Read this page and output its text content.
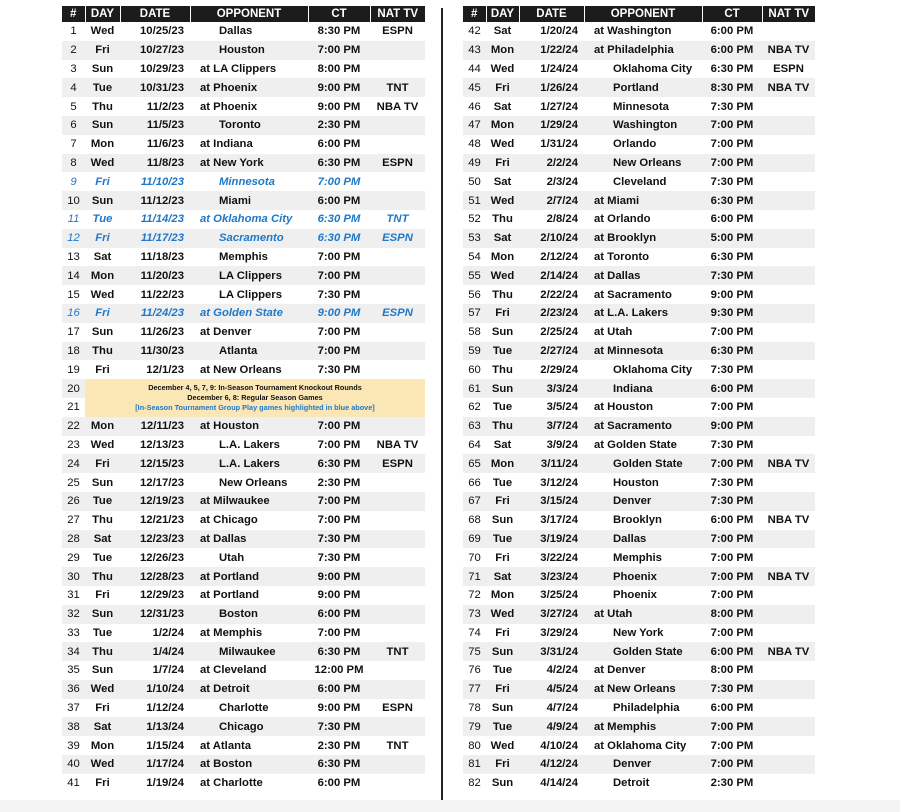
#	DAY	DATE	OPPONENT	CT	NAT TV
1	Wed	10/25/23	Dallas	8:30 PM	ESPN
2	Fri	10/27/23	Houston	7:00 PM	
3	Sun	10/29/23	at LA Clippers	8:00 PM	
4	Tue	10/31/23	at Phoenix	9:00 PM	TNT
5	Thu	11/2/23	at Phoenix	9:00 PM	NBA TV
6	Sun	11/5/23	Toronto	2:30 PM	
7	Mon	11/6/23	at Indiana	6:00 PM	
8	Wed	11/8/23	at New York	6:30 PM	ESPN
9	Fri	11/10/23	Minnesota	7:00 PM	
10	Sun	11/12/23	Miami	6:00 PM	
11	Tue	11/14/23	at Oklahoma City	6:30 PM	TNT
12	Fri	11/17/23	Sacramento	6:30 PM	ESPN
13	Sat	11/18/23	Memphis	7:00 PM	
14	Mon	11/20/23	LA Clippers	7:00 PM	
15	Wed	11/22/23	LA Clippers	7:30 PM	
16	Fri	11/24/23	at Golden State	9:00 PM	ESPN
17	Sun	11/26/23	at Denver	7:00 PM	
18	Thu	11/30/23	Atlanta	7:00 PM	
19	Fri	12/1/23	at New Orleans	7:30 PM	
20	December 4, 5, 7, 9: In-Season Tournament Knockout Rounds
December 6, 8: Regular Season Games
[In-Season Tournament Group Play games highlighted in blue above]				

21					
22	Mon	12/11/23	at Houston	7:00 PM	
23	Wed	12/13/23	L.A. Lakers	7:00 PM	NBA TV
24	Fri	12/15/23	L.A. Lakers	6:30 PM	ESPN
25	Sun	12/17/23	New Orleans	2:30 PM	
26	Tue	12/19/23	at Milwaukee	7:00 PM	
27	Thu	12/21/23	at Chicago	7:00 PM	
28	Sat	12/23/23	at Dallas	7:30 PM	
29	Tue	12/26/23	Utah	7:30 PM	
30	Thu	12/28/23	at Portland	9:00 PM	
31	Fri	12/29/23	at Portland	9:00 PM	
32	Sun	12/31/23	Boston	6:00 PM	
33	Tue	1/2/24	at Memphis	7:00 PM	
34	Thu	1/4/24	Milwaukee	6:30 PM	TNT
35	Sun	1/7/24	at Cleveland	12:00 PM	
36	Wed	1/10/24	at Detroit	6:00 PM	
37	Fri	1/12/24	Charlotte	9:00 PM	ESPN
38	Sat	1/13/24	Chicago	7:30 PM	
39	Mon	1/15/24	at Atlanta	2:30 PM	TNT
40	Wed	1/17/24	at Boston	6:30 PM	
41	Fri	1/19/24	at Charlotte	6:00 PM	
#	DAY	DATE	OPPONENT	CT	NAT TV
42	Sat	1/20/24	at Washington	6:00 PM	
43	Mon	1/22/24	at Philadelphia	6:00 PM	NBA TV
44	Wed	1/24/24	Oklahoma City	6:30 PM	ESPN
45	Fri	1/26/24	Portland	8:30 PM	NBA TV
46	Sat	1/27/24	Minnesota	7:30 PM	
47	Mon	1/29/24	Washington	7:00 PM	
48	Wed	1/31/24	Orlando	7:00 PM	
49	Fri	2/2/24	New Orleans	7:00 PM	
50	Sat	2/3/24	Cleveland	7:30 PM	
51	Wed	2/7/24	at Miami	6:30 PM	
52	Thu	2/8/24	at Orlando	6:00 PM	
53	Sat	2/10/24	at Brooklyn	5:00 PM	
54	Mon	2/12/24	at Toronto	6:30 PM	
55	Wed	2/14/24	at Dallas	7:30 PM	
56	Thu	2/22/24	at Sacramento	9:00 PM	
57	Fri	2/23/24	at L.A. Lakers	9:30 PM	
58	Sun	2/25/24	at Utah	7:00 PM	
59	Tue	2/27/24	at Minnesota	6:30 PM	
60	Thu	2/29/24	Oklahoma City	7:30 PM	
61	Sun	3/3/24	Indiana	6:00 PM	
62	Tue	3/5/24	at Houston	7:00 PM	
63	Thu	3/7/24	at Sacramento	9:00 PM	
64	Sat	3/9/24	at Golden State	7:30 PM	
65	Mon	3/11/24	Golden State	7:00 PM	NBA TV
66	Tue	3/12/24	Houston	7:30 PM	
67	Fri	3/15/24	Denver	7:30 PM	
68	Sun	3/17/24	Brooklyn	6:00 PM	NBA TV
69	Tue	3/19/24	Dallas	7:00 PM	
70	Fri	3/22/24	Memphis	7:00 PM	
71	Sat	3/23/24	Phoenix	7:00 PM	NBA TV
72	Mon	3/25/24	Phoenix	7:00 PM	
73	Wed	3/27/24	at Utah	8:00 PM	
74	Fri	3/29/24	New York	7:00 PM	
75	Sun	3/31/24	Golden State	6:00 PM	NBA TV
76	Tue	4/2/24	at Denver	8:00 PM	
77	Fri	4/5/24	at New Orleans	7:30 PM	
78	Sun	4/7/24	Philadelphia	6:00 PM	
79	Tue	4/9/24	at Memphis	7:00 PM	
80	Wed	4/10/24	at Oklahoma City	7:00 PM	
81	Fri	4/12/24	Denver	7:00 PM	
82	Sun	4/14/24	Detroit	2:30 PM	
